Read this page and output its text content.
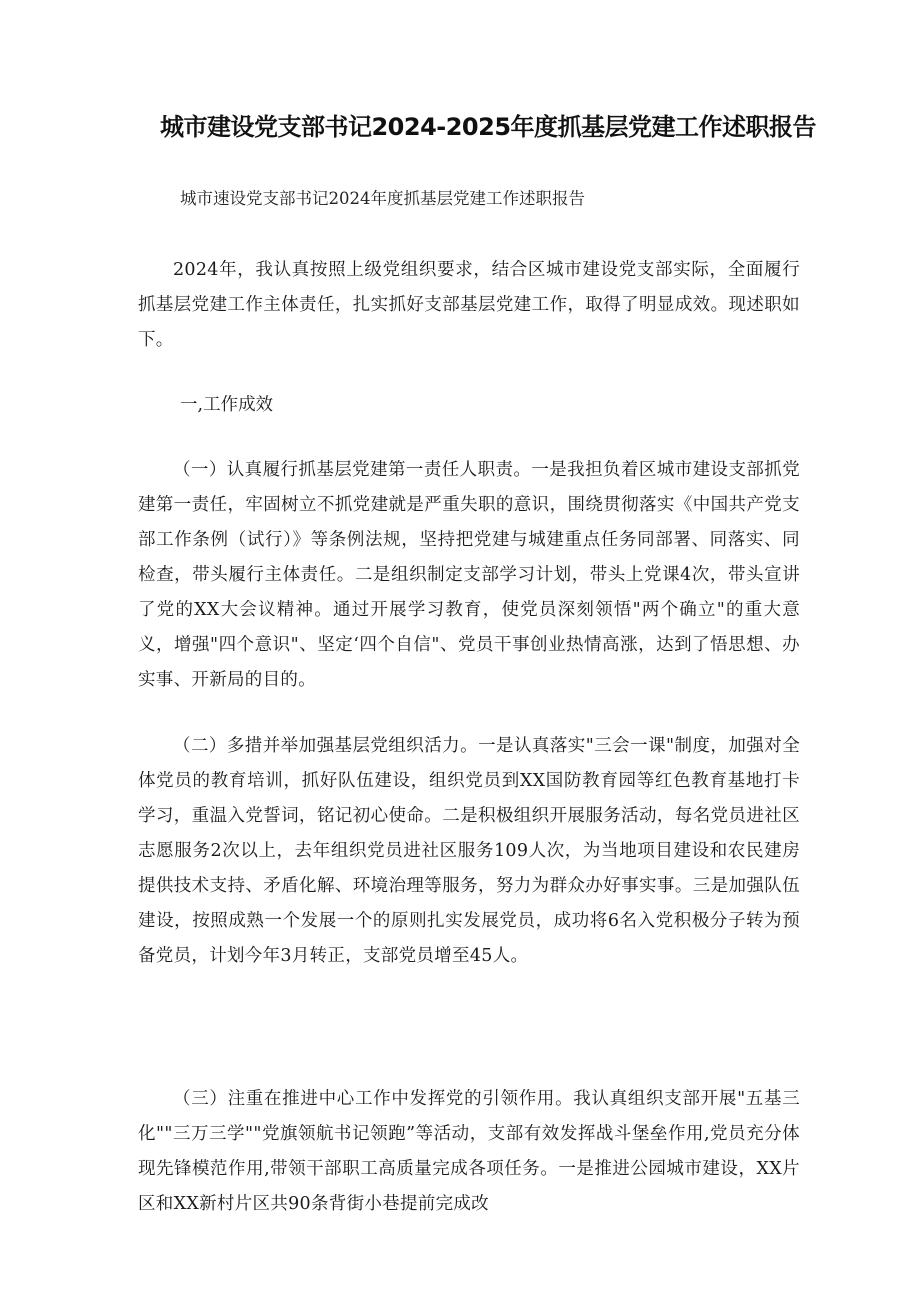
城市建设党支部书记2024-2025年度抓基层党建工作述职报告

城市速设党支部书记2024年度抓基层党建工作述职报告

2024年，我认真按照上级党组织要求，结合区城市建设党支部实际，全面履行抓基层党建工作主体责任，扎实抓好支部基层党建工作，取得了明显成效。现述职如下。

一,工作成效

（一）认真履行抓基层党建第一责任人职责。一是我担负着区城市建设支部抓党建第一责任，牢固树立不抓党建就是严重失职的意识，围绕贯彻落实《中国共产党支部工作条例（试行）》等条例法规，坚持把党建与城建重点任务同部署、同落实、同检查，带头履行主体责任。二是组织制定支部学习计划，带头上党课4次，带头宣讲了党的XX大会议精神。通过开展学习教育，使党员深刻领悟"两个确立"的重大意义，增强"四个意识"、坚定‘四个自信"、党员干事创业热情高涨，达到了悟思想、办实事、开新局的目的。

（二）多措并举加强基层党组织活力。一是认真落实"三会一课"制度，加强对全体党员的教育培训，抓好队伍建设，组织党员到XX国防教育园等红色教育基地打卡学习，重温入党誓词，铭记初心使命。二是积极组织开展服务活动，每名党员进社区志愿服务2次以上，去年组织党员进社区服务109人次，为当地项目建设和农民建房提供技术支持、矛盾化解、环境治理等服务，努力为群众办好事实事。三是加强队伍建设，按照成熟一个发展一个的原则扎实发展党员，成功将6名入党积极分子转为预备党员，计划今年3月转正，支部党员增至45人。

（三）注重在推进中心工作中发挥党的引领作用。我认真组织支部开展"五基三化""三万三学""党旗领航书记领跑”等活动，支部有效发挥战斗堡垒作用,党员充分体现先锋模范作用,带领干部职工高质量完成各项任务。一是推进公园城市建设，XX片区和XX新村片区共90条背街小巷提前完成改
